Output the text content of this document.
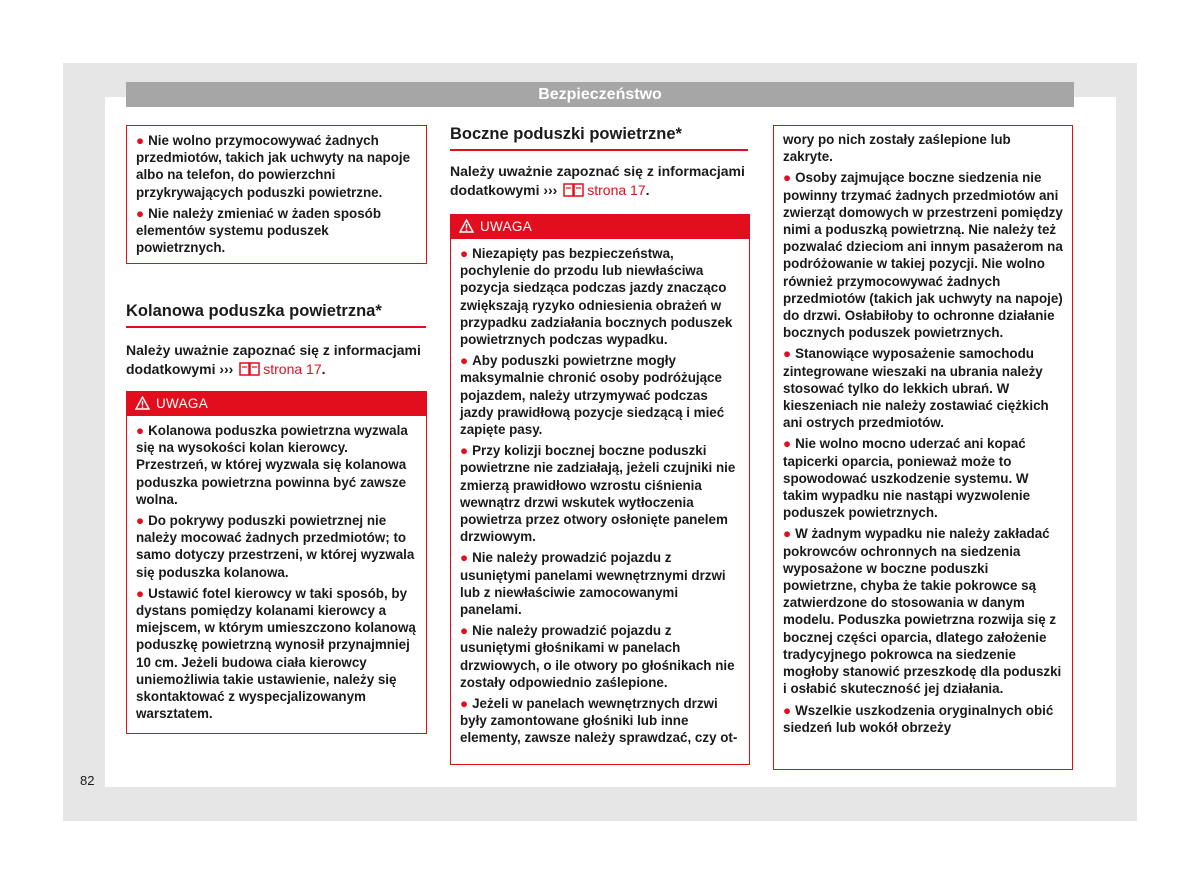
Bezpieczeństwo
● Nie wolno przymocowywać żadnych przedmiotów, takich jak uchwyty na napoje albo na telefon, do powierzchni przykrywających poduszki powietrzne.
● Nie należy zmieniać w żaden sposób elementów systemu poduszek powietrznych.
Kolanowa poduszka powietrzna*
Należy uważnie zapoznać się z informacjami dodatkowymi ››› strona 17.
UWAGA
● Kolanowa poduszka powietrzna wyzwala się na wysokości kolan kierowcy. Przestrzeń, w której wyzwala się kolanowa poduszka powietrzna powinna być zawsze wolna.
● Do pokrywy poduszki powietrznej nie należy mocować żadnych przedmiotów; to samo dotyczy przestrzeni, w której wyzwala się poduszka kolanowa.
● Ustawić fotel kierowcy w taki sposób, by dystans pomiędzy kolanami kierowcy a miejscem, w którym umieszczono kolanową poduszkę powietrzną wynosił przynajmniej 10 cm. Jeżeli budowa ciała kierowcy uniemożliwia takie ustawienie, należy się skontaktować z wyspecjalizowanym warsztatem.
Boczne poduszki powietrzne*
Należy uważnie zapoznać się z informacjami dodatkowymi ››› strona 17.
UWAGA
● Niezapięty pas bezpieczeństwa, pochylenie do przodu lub niewłaściwa pozycja siedząca podczas jazdy znacząco zwiększają ryzyko odniesienia obrażeń w przypadku zadziałania bocznych poduszek powietrznych podczas wypadku.
● Aby poduszki powietrzne mogły maksymalnie chronić osoby podróżujące pojazdem, należy utrzymywać podczas jazdy prawidłową pozycje siedzącą i mieć zapięte pasy.
● Przy kolizji bocznej boczne poduszki powietrzne nie zadziałają, jeżeli czujniki nie zmierzą prawidłowo wzrostu ciśnienia wewnątrz drzwi wskutek wytłoczenia powietrza przez otwory osłonięte panelem drzwiowym.
● Nie należy prowadzić pojazdu z usuniętymi panelami wewnętrznymi drzwi lub z niewłaściwie zamocowanymi panelami.
● Nie należy prowadzić pojazdu z usuniętymi głośnikami w panelach drzwiowych, o ile otwory po głośnikach nie zostały odpowiednio zaślepione.
● Jeżeli w panelach wewnętrznych drzwi były zamontowane głośniki lub inne elementy, zawsze należy sprawdzać, czy ot-
wory po nich zostały zaślepione lub zakryte.
● Osoby zajmujące boczne siedzenia nie powinny trzymać żadnych przedmiotów ani zwierząt domowych w przestrzeni pomiędzy nimi a poduszką powietrzną. Nie należy też pozwalać dzieciom ani innym pasażerom na podróżowanie w takiej pozycji. Nie wolno również przymocowywać żadnych przedmiotów (takich jak uchwyty na napoje) do drzwi. Osłabiłoby to ochronne działanie bocznych poduszek powietrznych.
● Stanowiące wyposażenie samochodu zintegrowane wieszaki na ubrania należy stosować tylko do lekkich ubrań. W kieszeniach nie należy zostawiać ciężkich ani ostrych przedmiotów.
● Nie wolno mocno uderzać ani kopać tapicerki oparcia, ponieważ może to spowodować uszkodzenie systemu. W takim wypadku nie nastąpi wyzwolenie poduszek powietrznych.
● W żadnym wypadku nie należy zakładać pokrowców ochronnych na siedzenia wyposażone w boczne poduszki powietrzne, chyba że takie pokrowce są zatwierdzone do stosowania w danym modelu. Poduszka powietrzna rozwija się z bocznej części oparcia, dlatego założenie tradycyjnego pokrowca na siedzenie mogłoby stanowić przeszkodę dla poduszki i osłabić skuteczność jej działania.
● Wszelkie uszkodzenia oryginalnych obić siedzeń lub wokół obrzeży
82
